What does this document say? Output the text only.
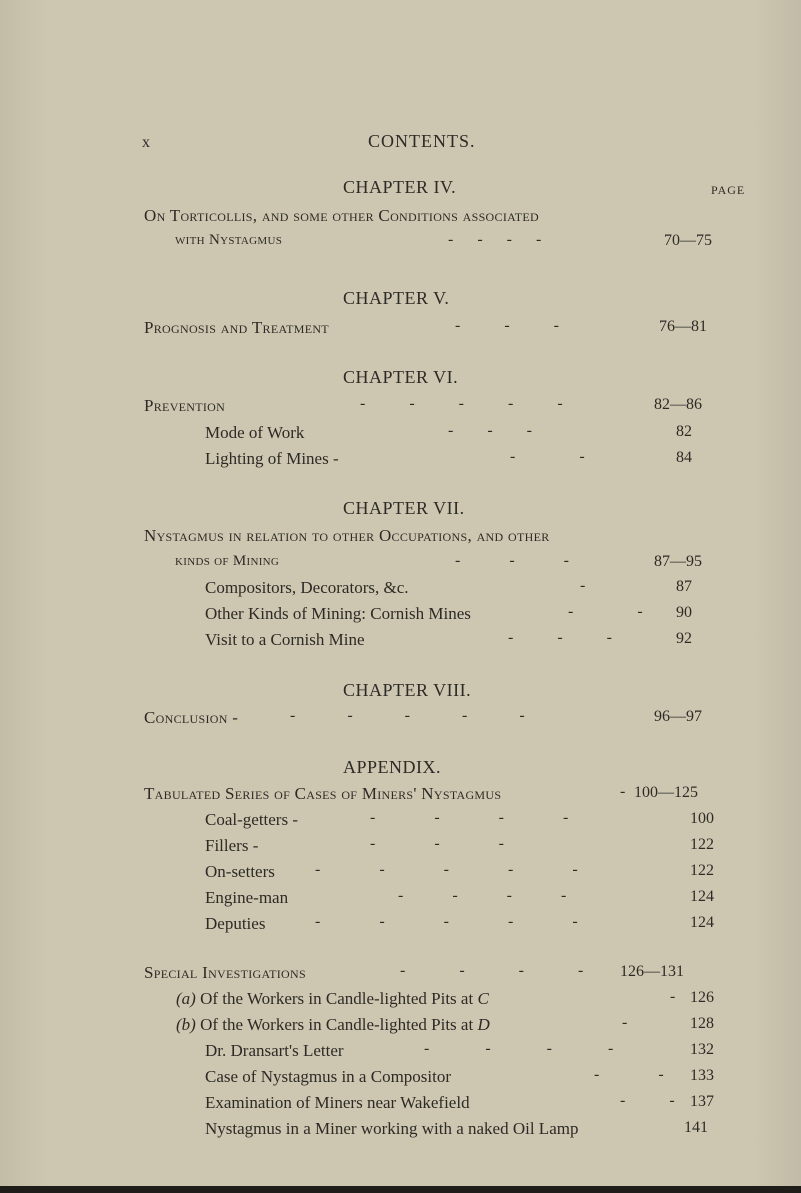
x	CONTENTS.
CHAPTER IV.	PAGE
On Torticollis, and some other Conditions associated
with Nystagmus	- - - -	70—75
CHAPTER V.
Prognosis and Treatment	- - -	76—81
CHAPTER VI.
Prevention	- - - - -	82—86
Mode of Work	- - -	82
Lighting of Mines -	- -	84
CHAPTER VII.
Nystagmus in relation to other Occupations, and other
kinds of Mining	- - -	87—95
Compositors, Decorators, &c.	-	87
Other Kinds of Mining: Cornish Mines	- - 90
Visit to a Cornish Mine	- - -	92
CHAPTER VIII.
Conclusion -	- - - - -	96—97
APPENDIX.
Tabulated Series of Cases of Miners' Nystagmus	- 100—125
Coal-getters -	- - - -	100
Fillers -	- - -	122
On-setters	- - - - -	122
Engine-man	- - - -	124
Deputies	- - - - -	124
Special Investigations	- - - - 126—131
(a) Of the Workers in Candle-lighted Pits at C	- 126
(b) Of the Workers in Candle-lighted Pits at D	-	128
Dr. Dransart's Letter	- - - -	132
Case of Nystagmus in a Compositor	- - 133
Examination of Miners near Wakefield	- - 137
Nystagmus in a Miner working with a naked Oil Lamp	141
